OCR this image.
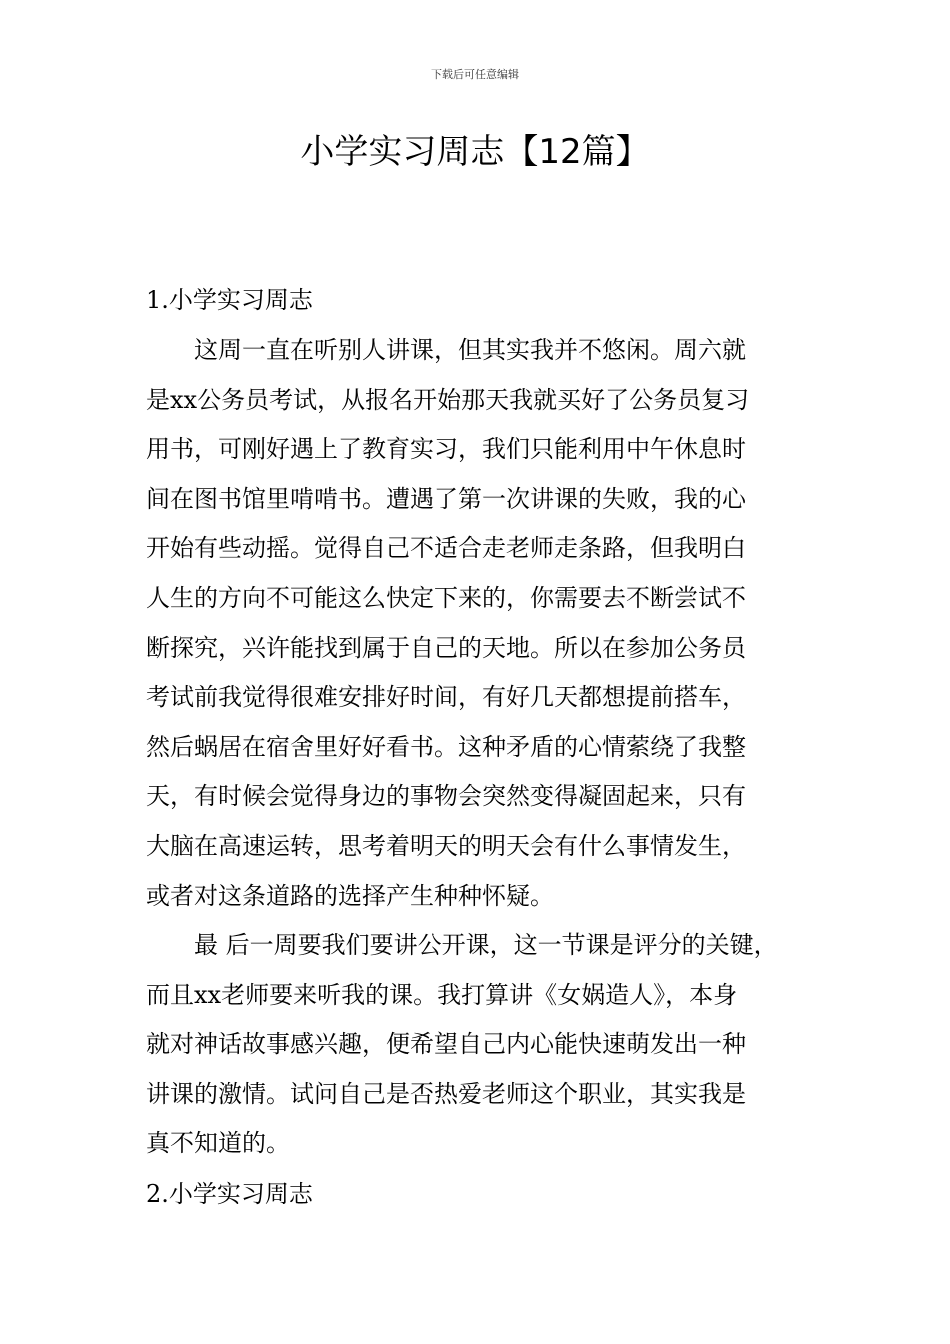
下载后可任意编辑
小学实习周志【12篇】
1.小学实习周志
　　这周一直在听别人讲课，但其实我并不悠闲。周六就
是xx公务员考试，从报名开始那天我就买好了公务员复习
用书，可刚好遇上了教育实习，我们只能利用中午休息时
间在图书馆里啃啃书。遭遇了第一次讲课的失败，我的心
开始有些动摇。觉得自己不适合走老师走条路，但我明白
人生的方向不可能这么快定下来的，你需要去不断尝试不
断探究，兴许能找到属于自己的天地。所以在参加公务员
考试前我觉得很难安排好时间，有好几天都想提前搭车，
然后蜗居在宿舍里好好看书。这种矛盾的心情萦绕了我整
天，有时候会觉得身边的事物会突然变得凝固起来，只有
大脑在高速运转，思考着明天的明天会有什么事情发生，
或者对这条道路的选择产生种种怀疑。
　　最 后一周要我们要讲公开课，这一节课是评分的关键，
而且xx老师要来听我的课。我打算讲《女娲造人》，本身
就对神话故事感兴趣，便希望自己内心能快速萌发出一种
讲课的激情。试问自己是否热爱老师这个职业，其实我是
真不知道的。
2.小学实习周志
